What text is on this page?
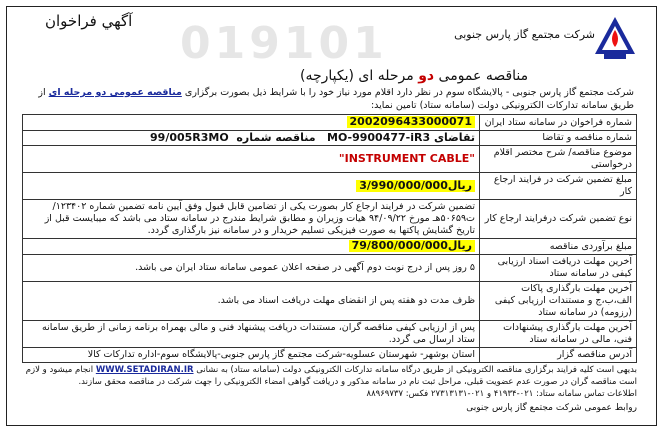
019101
آگهي فراخوان
شرکت مجتمع گاز پارس جنوبی
مناقصه عمومی دو مرحله ای (یکپارچه)
شرکت مجتمع گاز پارس جنوبی - پالایشگاه سوم در نظر دارد اقلام مورد نیاز خود را با شرایط ذیل بصورت برگزاری مناقصه عمومی دو مرحله ای از طریق سامانه تدارکات الکترونیکی دولت (سامانه ستاد) تامین نماید:
شماره فراخوان در سامانه ستاد ایران	2002096433000071
شماره مناقصه و تقاضا	تقاضای MO-9900477-iR3   مناقصه شماره  99/005R3MO
موضوع مناقصه/ شرح مختصر اقلام درخواستی	"INSTRUMENT CABLE"
مبلغ تضمین شرکت در فرایند ارجاع کار	ریال3/990/000/000
نوع تضمین شرکت درفرایند ارجاع کار	تضمین شرکت در فرایند ارجاع کار بصورت یکی از تضامین قابل قبول وفق آیین نامه تضمین شماره ۱۲۳۴۰۲/ت۵۰۶۵۹هـ مورخ ۹۴/۰۹/۲۲ هیات وزیران و مطابق شرایط مندرج در سامانه ستاد می باشد که میبایست قبل از تاریخ گشایش پاکتها به صورت فیزیکی تسلیم خریدار و در سامانه نیز بارگذاری گردد.
مبلغ برآوردی مناقصه	ریال79/800/000/000
آخرین مهلت دریافت اسناد ارزیابی کیفی در سامانه ستاد	۵ روز پس از درج نوبت دوم آگهی در صفحه اعلان عمومی سامانه ستاد ایران می باشد.
آخرین مهلت بارگذاری پاکات الف،ب،ج و مستندات ارزیابی کیفی (رزومه) در سامانه ستاد	ظرف مدت دو هفته پس از انقضای مهلت دریافت اسناد می باشد.
آخرین مهلت بارگذاری پیشنهادات فنی، مالی در سامانه ستاد	پس از ارزیابی کیفی مناقصه گران، مستندات دریافت پیشنهاد فنی و مالی بهمراه برنامه زمانی از طریق سامانه ستاد ارسال می گردد.
آدرس مناقصه گزار	استان بوشهر- شهرستان عسلویه-شرکت مجتمع گاز پارس جنوبی-پالایشگاه سوم-اداره تدارکات کالا
بدیهی است کلیه فرایند برگزاری مناقصه الکترونیکی از طریق درگاه سامانه تدارکات الکترونیکی دولت (سامانه ستاد) به نشانی WWW.SETADIRAN.IR انجام میشود و لازم است مناقصه گران در صورت عدم عضویت قبلی، مراحل ثبت نام در سامانه مذکور و دریافت گواهی امضاء الکترونیکی را جهت شرکت در مناقصه محقق سازند.
اطلاعات تماس سامانه ستاد: ۰۲۱-۴۱۹۳۴ و ۰۲۱-۲۷۳۱۳۱۳۱ فکس: ۸۸۹۶۹۷۳۷
روابط عمومی شرکت مجتمع گاز پارس جنوبی
